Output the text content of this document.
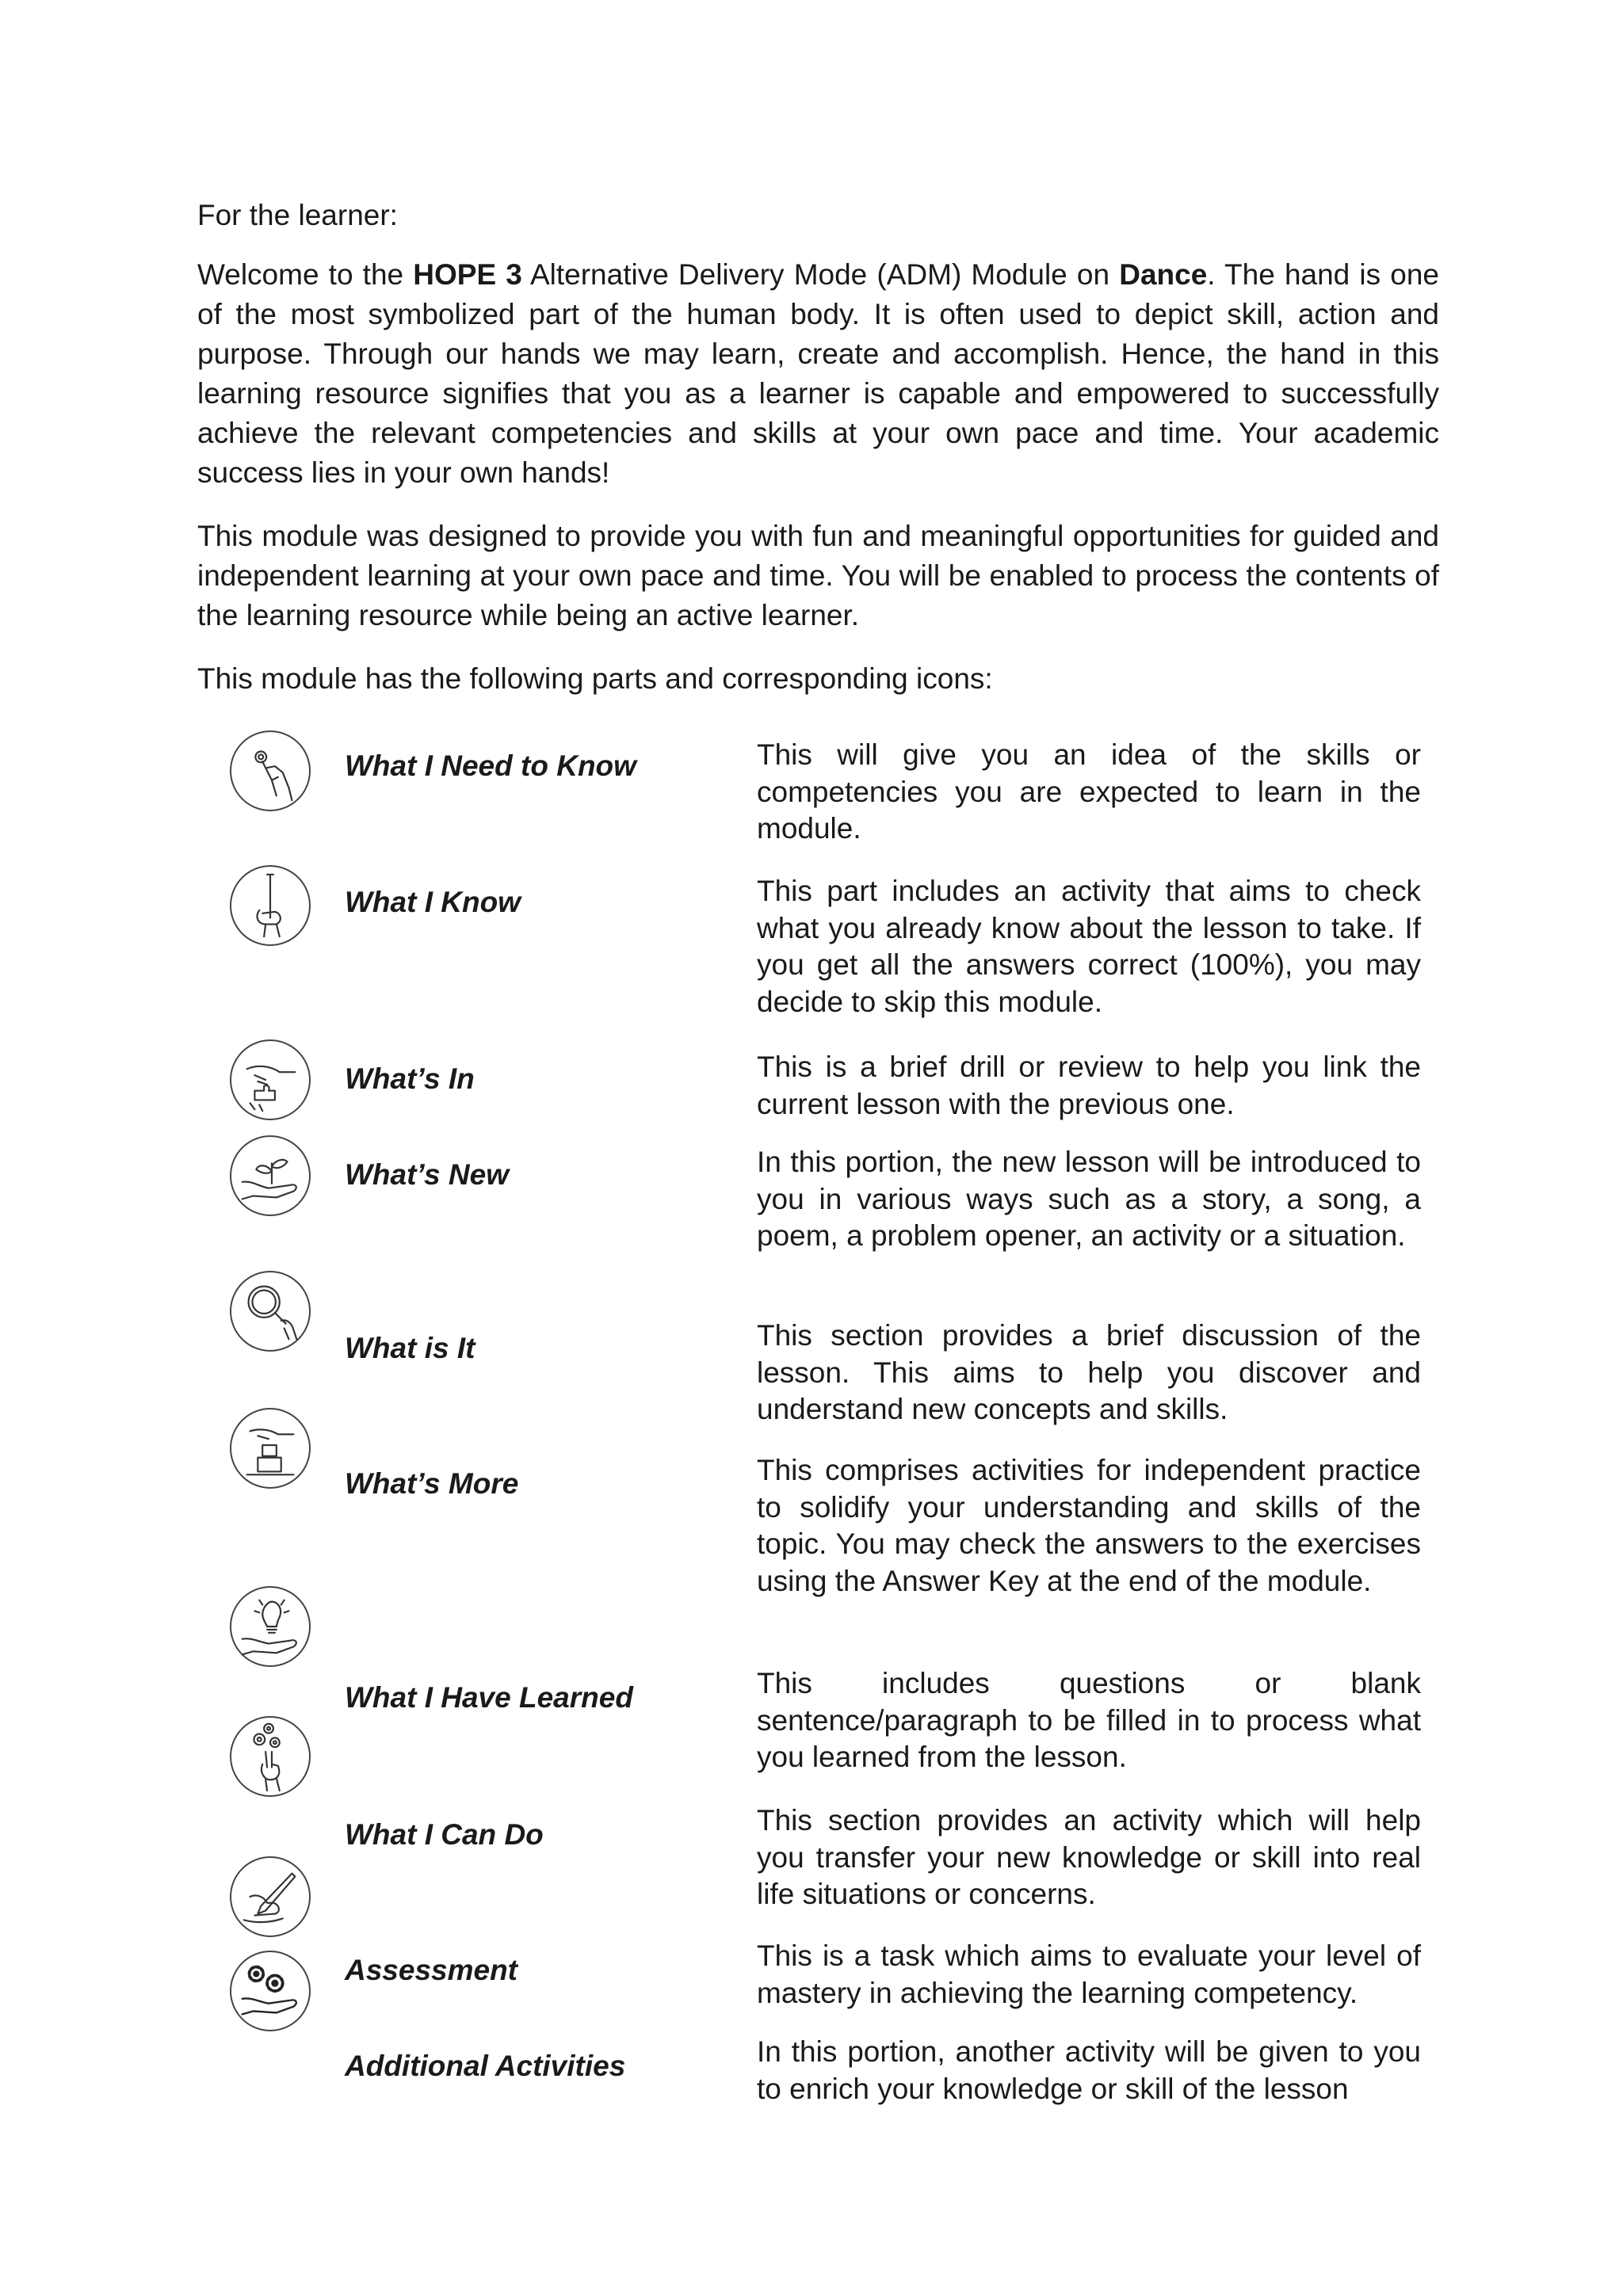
For the learner:
Welcome to the HOPE 3 Alternative Delivery Mode (ADM) Module on Dance. The hand is one of the most symbolized part of the human body. It is often used to depict skill, action and purpose. Through our hands we may learn, create and accomplish. Hence, the hand in this learning resource signifies that you as a learner is capable and empowered to successfully achieve the relevant competencies and skills at your own pace and time. Your academic success lies in your own hands!
This module was designed to provide you with fun and meaningful opportunities for guided and independent learning at your own pace and time. You will be enabled to process the contents of the learning resource while being an active learner.
This module has the following parts and corresponding icons:
What I Need to Know
What I Know
What’s In
What’s New
What is It
What’s More
What I Have Learned
What I Can Do
Assessment
Additional Activities
This will give you an idea of the skills or competencies you are expected to learn in the module.
This part includes an activity that aims to check what you already know about the lesson to take. If you get all the answers correct (100%), you may decide to skip this module.
This is a brief drill or review to help you link the current lesson with the previous one.
In this portion, the new lesson will be introduced to you in various ways such as a story, a song, a poem, a problem opener, an activity or a situation.
This section provides a brief discussion of the lesson. This aims to help you discover and understand new concepts and skills.
This comprises activities for independent practice to solidify your understanding and skills of the topic. You may check the answers to the exercises using the Answer Key at the end of the module.
This includes questions or blank sentence/paragraph to be filled in to process what you learned from the lesson.
This section provides an activity which will help you transfer your new knowledge or skill into real life situations or concerns.
This is a task which aims to evaluate your level of mastery in achieving the learning competency.
In this portion, another activity will be given to you to enrich your knowledge or skill of the lesson
